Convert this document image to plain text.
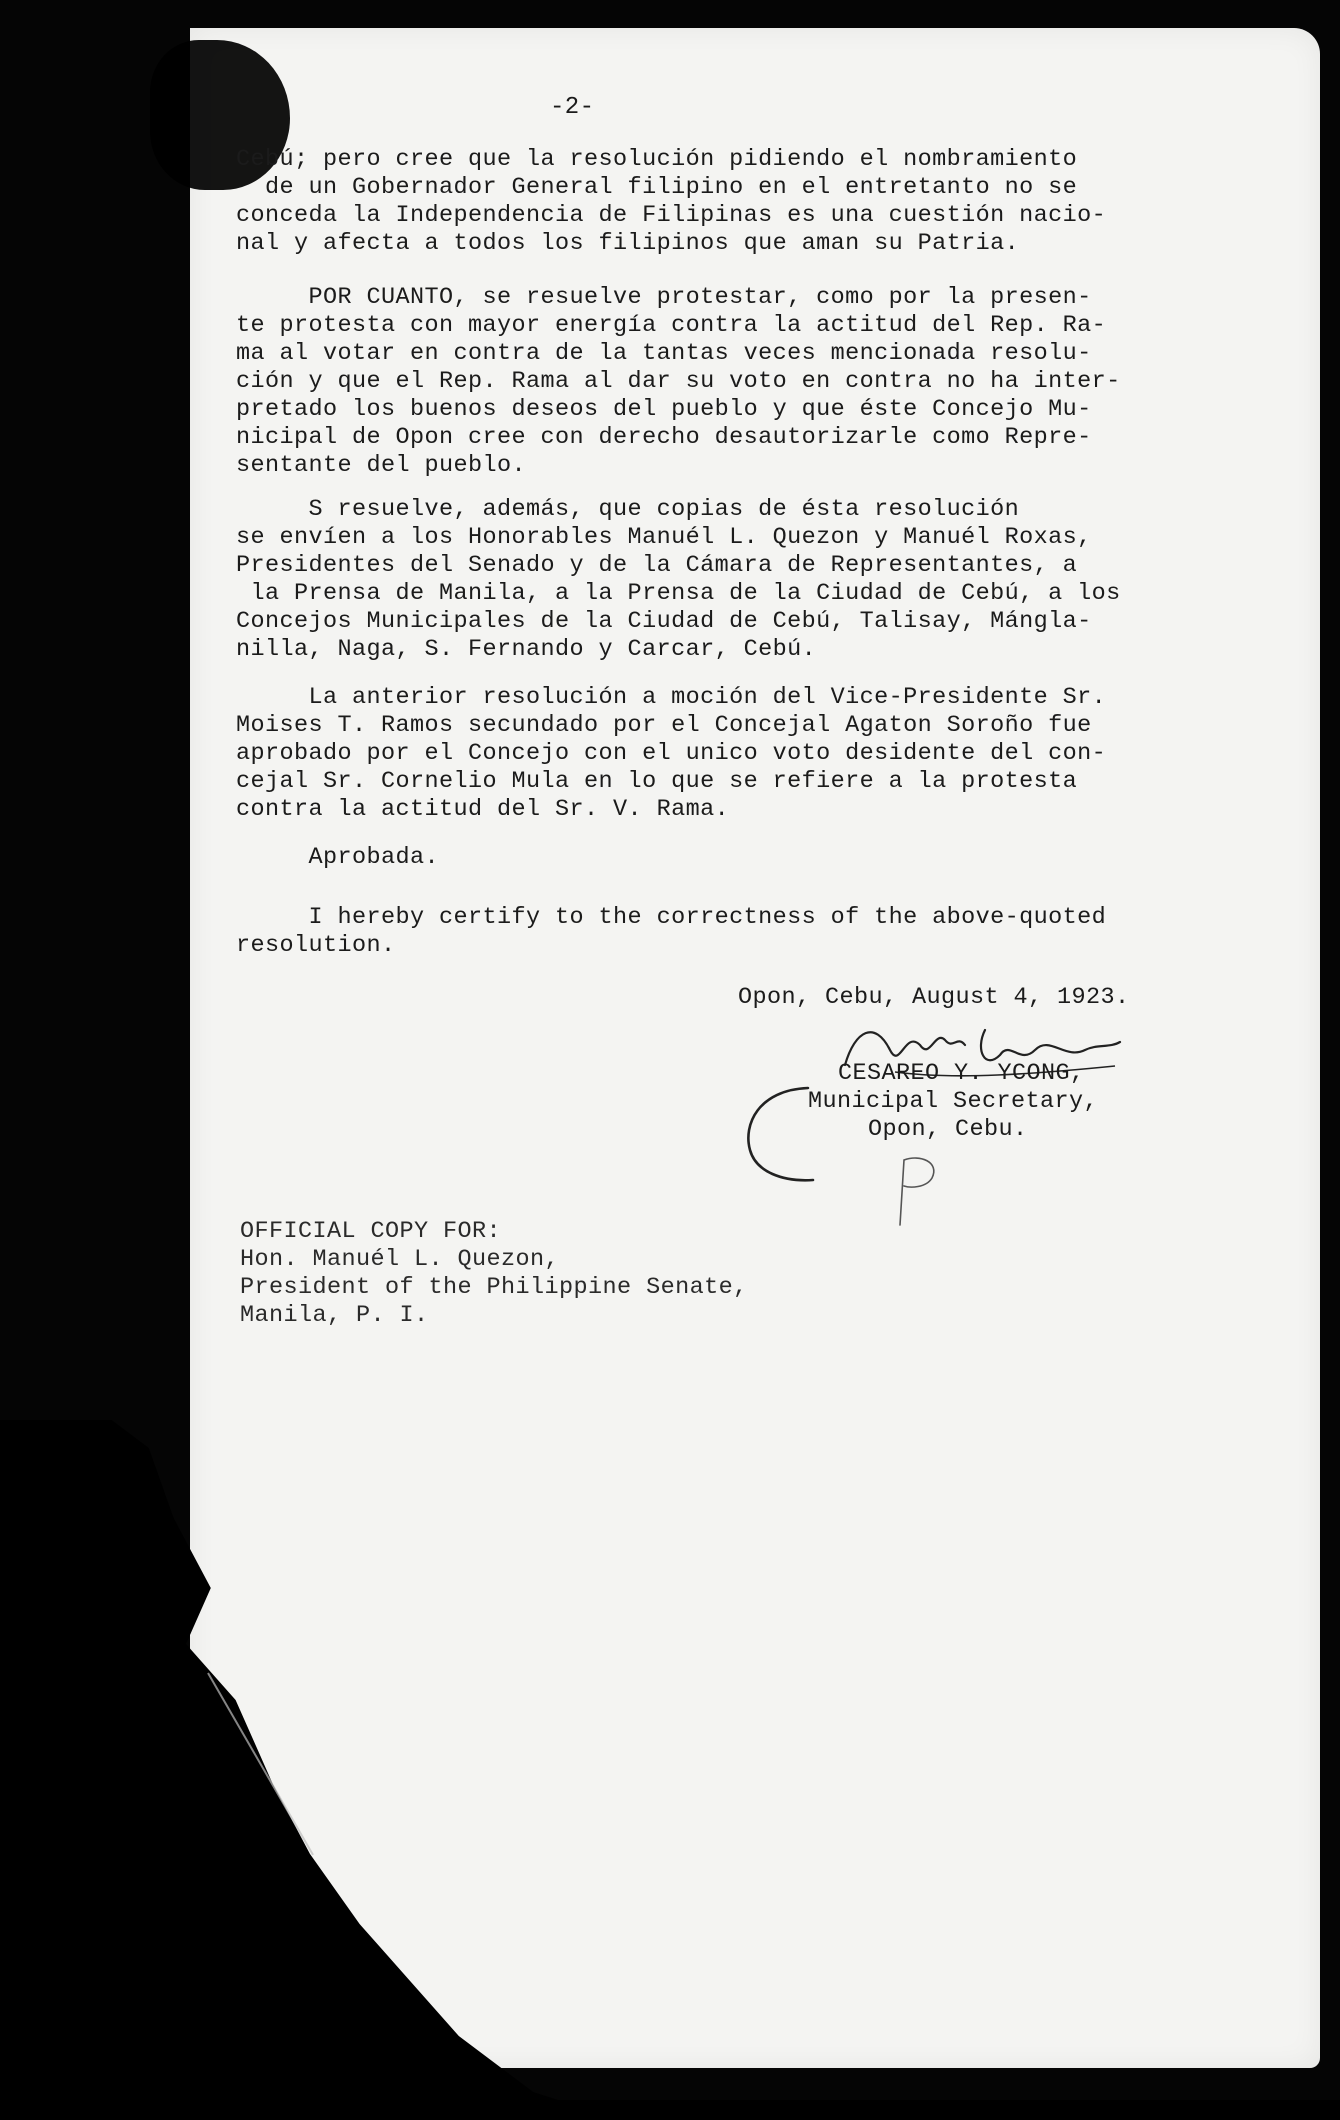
-2-
Cebú; pero cree que la resolución pidiendo el nombramiento
de un Gobernador General filipino en el entretanto no se
conceda la Independencia de Filipinas es una cuestión nacio-
nal y afecta a todos los filipinos que aman su Patria.
POR CUANTO, se resuelve protestar, como por la presen-
te protesta con mayor energía contra la actitud del Rep. Ra-
ma al votar en contra de la tantas veces mencionada resolu-
ción y que el Rep. Rama al dar su voto en contra no ha inter-
pretado los buenos deseos del pueblo y que éste Concejo Mu-
nicipal de Opon cree con derecho desautorizarle como Repre-
sentante del pueblo.
S resuelve, además, que copias de ésta resolución
se envíen a los Honorables Manuél L. Quezon y Manuél Roxas,
Presidentes del Senado y de la Cámara de Representantes, a
la Prensa de Manila, a la Prensa de la Ciudad de Cebú, a los
Concejos Municipales de la Ciudad de Cebú, Talisay, Mángla-
nilla, Naga, S. Fernando y Carcar, Cebú.
La anterior resolución a moción del Vice-Presidente Sr.
Moises T. Ramos secundado por el Concejal Agaton Soroño fue
aprobado por el Concejo con el unico voto desidente del con-
cejal Sr. Cornelio Mula en lo que se refiere a la protesta
contra la actitud del Sr. V. Rama.
Aprobada.
I hereby certify to the correctness of the above-quoted
resolution.
Opon, Cebu, August 4, 1923.
CESAREO Y. YCONG,
Municipal Secretary,
Opon, Cebu.
OFFICIAL COPY FOR:
Hon. Manuél L. Quezon,
President of the Philippine Senate,
Manila, P. I.
